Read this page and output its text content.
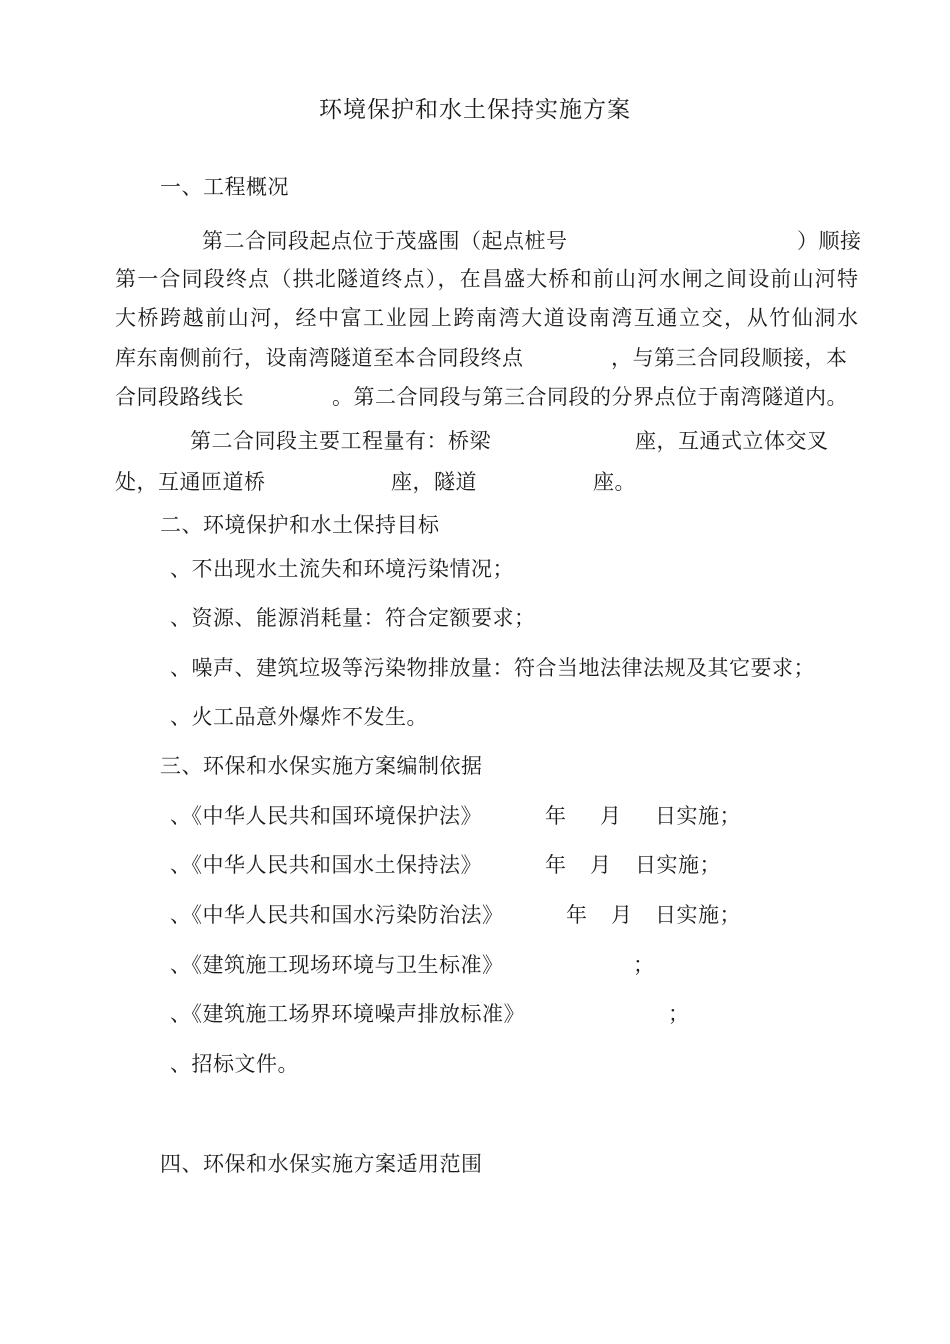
环境保护和水土保持实施方案
一、工程概况
第二合同段起点位于茂盛围（起点桩号	）顺接
第一合同段终点（拱北隧道终点），在昌盛大桥和前山河水闸之间设前山河特
大桥跨越前山河，经中富工业园上跨南湾大道设南湾互通立交，从竹仙洞水
库东南侧前行，设南湾隧道至本合同段终点	，与第三合同段顺接，本
合同段路线长	。第二合同段与第三合同段的分界点位于南湾隧道内。
第二合同段主要工程量有：桥梁	座，互通式立体交叉
处，互通匝道桥	座，隧道	座。
二、环境保护和水土保持目标
、不出现水土流失和环境污染情况；
、资源、能源消耗量：符合定额要求；
、噪声、建筑垃圾等污染物排放量：符合当地法律法规及其它要求；
、火工品意外爆炸不发生。
三、环保和水保实施方案编制依据
、《中华人民共和国环境保护法》	年 月 日实施；
、《中华人民共和国水土保持法》	年 月 日实施；
、《中华人民共和国水污染防治法》	年 月 日实施；
、《建筑施工现场环境与卫生标准》	；
、《建筑施工场界环境噪声排放标准》	；
、招标文件。
四、环保和水保实施方案适用范围
